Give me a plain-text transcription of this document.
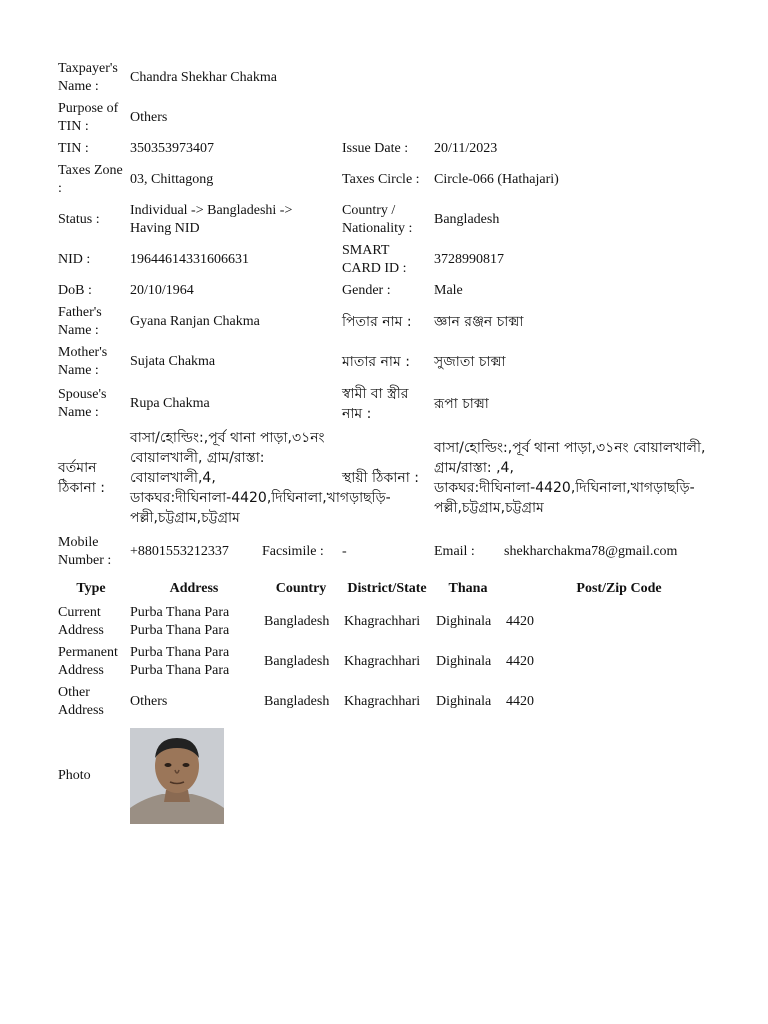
Taxpayer's Name :	Chandra Shekhar Chakma		
Purpose of TIN :	Others		
TIN :	350353973407	Issue Date :	20/11/2023
Taxes Zone :	03, Chittagong	Taxes Circle :	Circle-066 (Hathajari)
Status :	Individual -> Bangladeshi -> Having NID	Country / Nationality :	Bangladesh
NID :	19644614331606631	SMART CARD ID :	3728990817
DoB :	20/10/1964	Gender :	Male
Father's Name :	Gyana Ranjan Chakma	পিতার নাম :	জ্ঞান রঞ্জন চাক্মা
Mother's Name :	Sujata Chakma	মাতার নাম :	সুজাতা চাক্মা
Spouse's Name :	Rupa Chakma	স্বামী বা স্ত্রীর নাম :	রূপা চাক্মা
বর্তমান ঠিকানা :	বাসা/হোল্ডিং:,পূর্ব থানা পাড়া,৩১নং বোয়ালখালী, গ্রাম/রাস্তা: বোয়ালখালী,4, ডাকঘর:দীঘিনালা-4420,দিঘিনালা,খাগড়াছড়ি-পল্লী,চট্টগ্রাম,চট্টগ্রাম	স্থায়ী ঠিকানা :	বাসা/হোল্ডিং:,পূর্ব থানা পাড়া,৩১নং বোয়ালখালী, গ্রাম/রাস্তা: ,4, ডাকঘর:দীঘিনালা-4420,দিঘিনালা,খাগড়াছড়ি-পল্লী,চট্টগ্রাম,চট্টগ্রাম
Mobile Number :	+8801553212337	Facsimile :	-	Email :	shekharchakma78@gmail.com
Type	Address	Country	District/State	Thana	Post/Zip Code
Current Address	Purba Thana Para Purba Thana Para	Bangladesh	Khagrachhari	Dighinala	4420
Permanent Address	Purba Thana Para Purba Thana Para	Bangladesh	Khagrachhari	Dighinala	4420
Other Address	Others	Bangladesh	Khagrachhari	Dighinala	4420
Photo	
